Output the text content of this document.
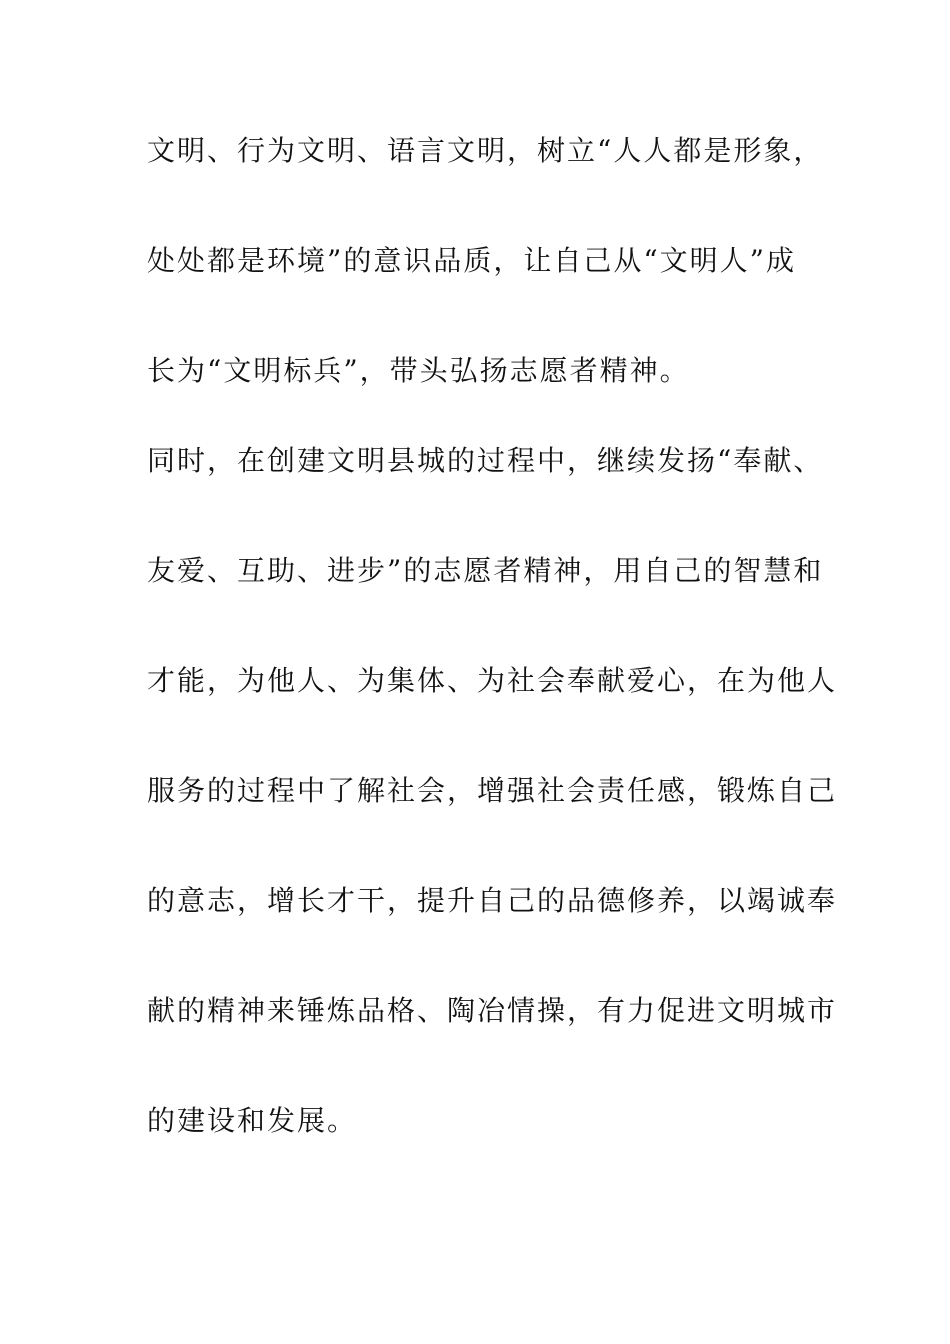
文明、行为文明、语言文明，树立“人人都是形象，
处处都是环境”的意识品质，让自己从“文明人”成
长为“文明标兵”，带头弘扬志愿者精神。
同时，在创建文明县城的过程中，继续发扬“奉献、
友爱、互助、进步”的志愿者精神，用自己的智慧和
才能，为他人、为集体、为社会奉献爱心，在为他人
服务的过程中了解社会，增强社会责任感，锻炼自己
的意志，增长才干，提升自己的品德修养，以竭诚奉
献的精神来锤炼品格、陶冶情操，有力促进文明城市
的建设和发展。
